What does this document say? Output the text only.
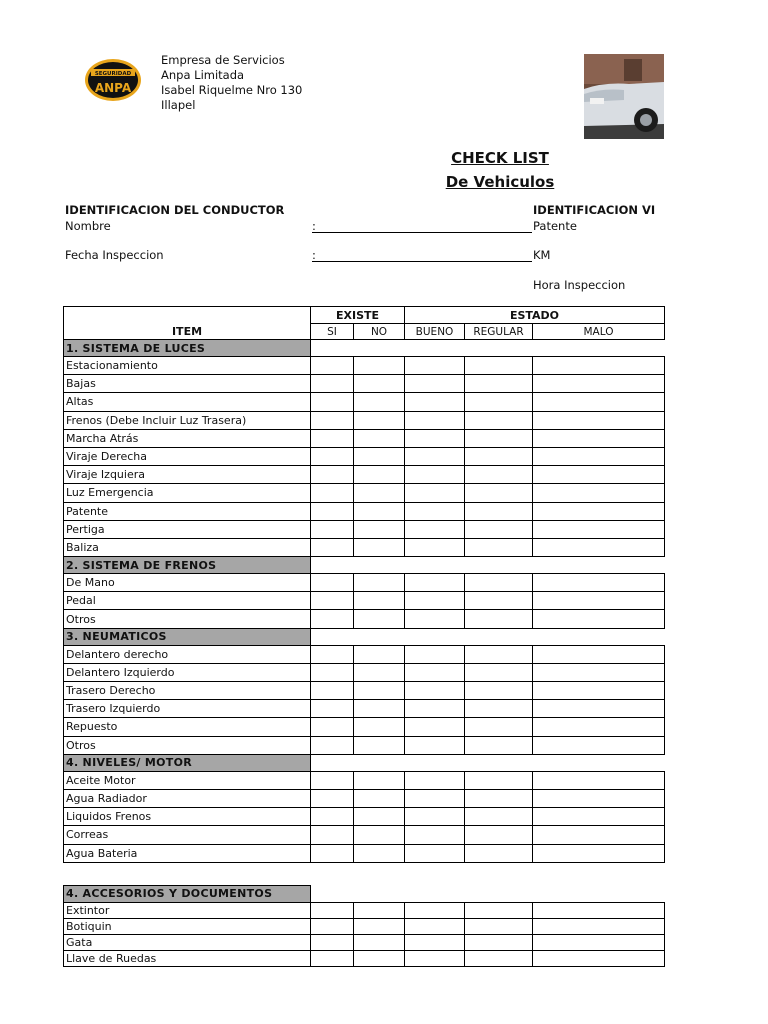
SEGURIDAD
ANPA
Empresa de Servicios
Anpa Limitada
Isabel Riquelme Nro 130
Illapel
CHECK LIST
De Vehiculos
IDENTIFICACION DEL CONDUCTOR
Nombre	:
Fecha Inspeccion	:
IDENTIFICACION VI
Patente
KM
Hora Inspeccion
	EXISTE		ESTADO		
ITEM	SI	NO	BUENO	REGULAR	MALO
1. SISTEMA DE LUCES					
Estacionamiento					
Bajas					
Altas					
Frenos (Debe Incluir Luz Trasera)					
Marcha Atrás					
Viraje Derecha					
Viraje Izquiera					
Luz Emergencia					
Patente					
Pertiga					
Baliza					
2. SISTEMA DE FRENOS					
De Mano					
Pedal					
Otros					
3. NEUMATICOS					
Delantero derecho					
Delantero Izquierdo					
Trasero Derecho					
Trasero Izquierdo					
Repuesto					
Otros					
4. NIVELES/ MOTOR					
Aceite Motor					
Agua Radiador					
Liquidos Frenos					
Correas					
Agua Bateria					

4. ACCESORIOS Y DOCUMENTOS					
Extintor					
Botiquin					
Gata					
Llave de Ruedas					
